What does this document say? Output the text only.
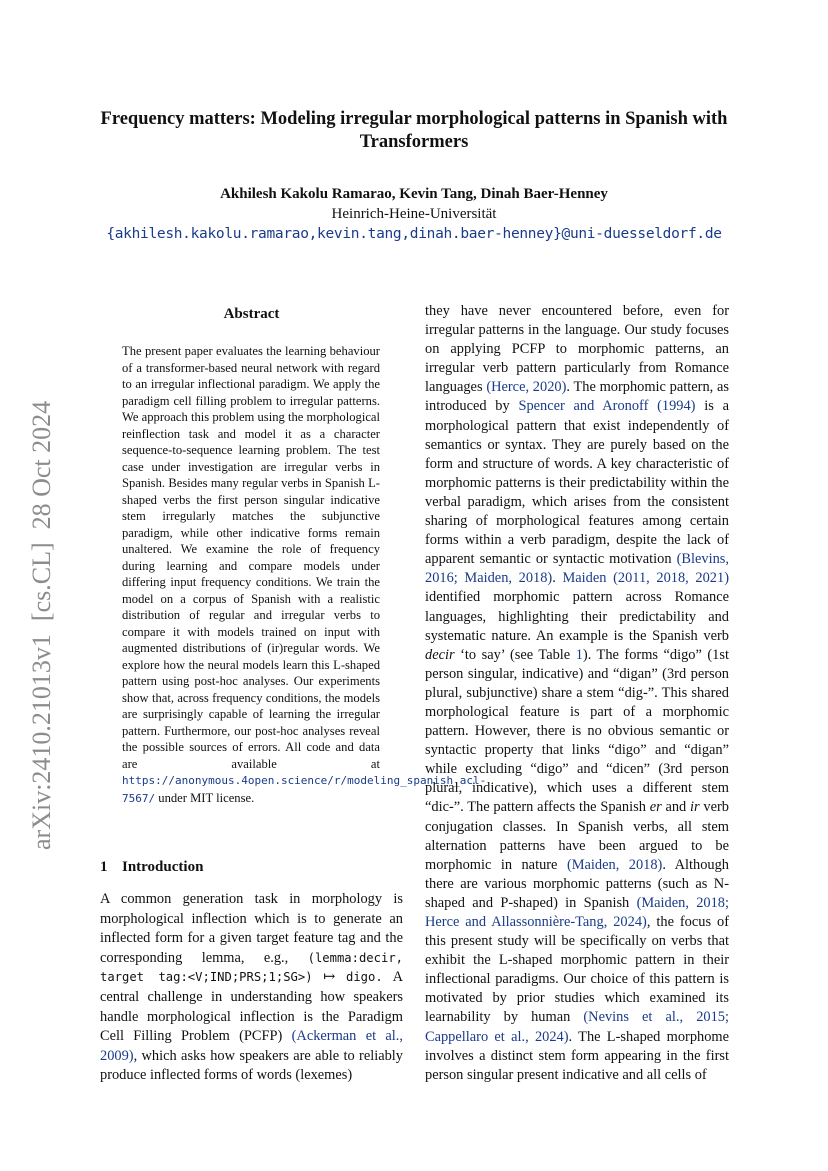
arXiv:2410.21013v1  [cs.CL]  28 Oct 2024
Frequency matters: Modeling irregular morphological patterns in Spanish with Transformers
Akhilesh Kakolu Ramarao, Kevin Tang, Dinah Baer-Henney
Heinrich-Heine-Universität
{akhilesh.kakolu.ramarao,kevin.tang,dinah.baer-henney}@uni-duesseldorf.de
Abstract
The present paper evaluates the learning behaviour of a transformer-based neural network with regard to an irregular inflectional paradigm. We apply the paradigm cell filling problem to irregular patterns. We approach this problem using the morphological reinflection task and model it as a character sequence-to-sequence learning problem. The test case under investigation are irregular verbs in Spanish. Besides many regular verbs in Spanish L-shaped verbs the first person singular indicative stem irregularly matches the subjunctive paradigm, while other indicative forms remain unaltered. We examine the role of frequency during learning and compare models under differing input frequency conditions. We train the model on a corpus of Spanish with a realistic distribution of regular and irregular verbs to compare it with models trained on input with augmented distributions of (ir)regular words. We explore how the neural models learn this L-shaped pattern using post-hoc analyses. Our experiments show that, across frequency conditions, the models are surprisingly capable of learning the irregular pattern. Furthermore, our post-hoc analyses reveal the possible sources of errors. All code and data are available at https://anonymous.4open.science/r/modeling_spanish_acl-7567/ under MIT license.
1 Introduction
A common generation task in morphology is morphological inflection which is to generate an inflected form for a given target feature tag and the corresponding lemma, e.g., (lemma:decir, target tag:<V;IND;PRS;1;SG>) ↦ digo. A central challenge in understanding how speakers handle morphological inflection is the Paradigm Cell Filling Problem (PCFP) (Ackerman et al., 2009), which asks how speakers are able to reliably produce inflected forms of words (lexemes)
they have never encountered before, even for irregular patterns in the language. Our study focuses on applying PCFP to morphomic patterns, an irregular verb pattern particularly from Romance languages (Herce, 2020). The morphomic pattern, as introduced by Spencer and Aronoff (1994) is a morphological pattern that exist independently of semantics or syntax. They are purely based on the form and structure of words. A key characteristic of morphomic patterns is their predictability within the verbal paradigm, which arises from the consistent sharing of morphological features among certain forms within a verb paradigm, despite the lack of apparent semantic or syntactic motivation (Blevins, 2016; Maiden, 2018). Maiden (2011, 2018, 2021) identified morphomic pattern across Romance languages, highlighting their predictability and systematic nature. An example is the Spanish verb decir ‘to say’ (see Table 1). The forms “digo” (1st person singular, indicative) and “digan” (3rd person plural, subjunctive) share a stem “dig-”. This shared morphological feature is part of a morphomic pattern. However, there is no obvious semantic or syntactic property that links “digo” and “digan” while excluding “digo” and “dicen” (3rd person plural, indicative), which uses a different stem “dic-”. The pattern affects the Spanish er and ir verb conjugation classes. In Spanish verbs, all stem alternation patterns have been argued to be morphomic in nature (Maiden, 2018). Although there are various morphomic patterns (such as N-shaped and P-shaped) in Spanish (Maiden, 2018; Herce and Allassonnière-Tang, 2024), the focus of this present study will be specifically on verbs that exhibit the L-shaped morphomic pattern in their inflectional paradigms. Our choice of this pattern is motivated by prior studies which examined its learnability by human (Nevins et al., 2015; Cappellaro et al., 2024). The L-shaped morphome involves a distinct stem form appearing in the first person singular present indicative and all cells of
